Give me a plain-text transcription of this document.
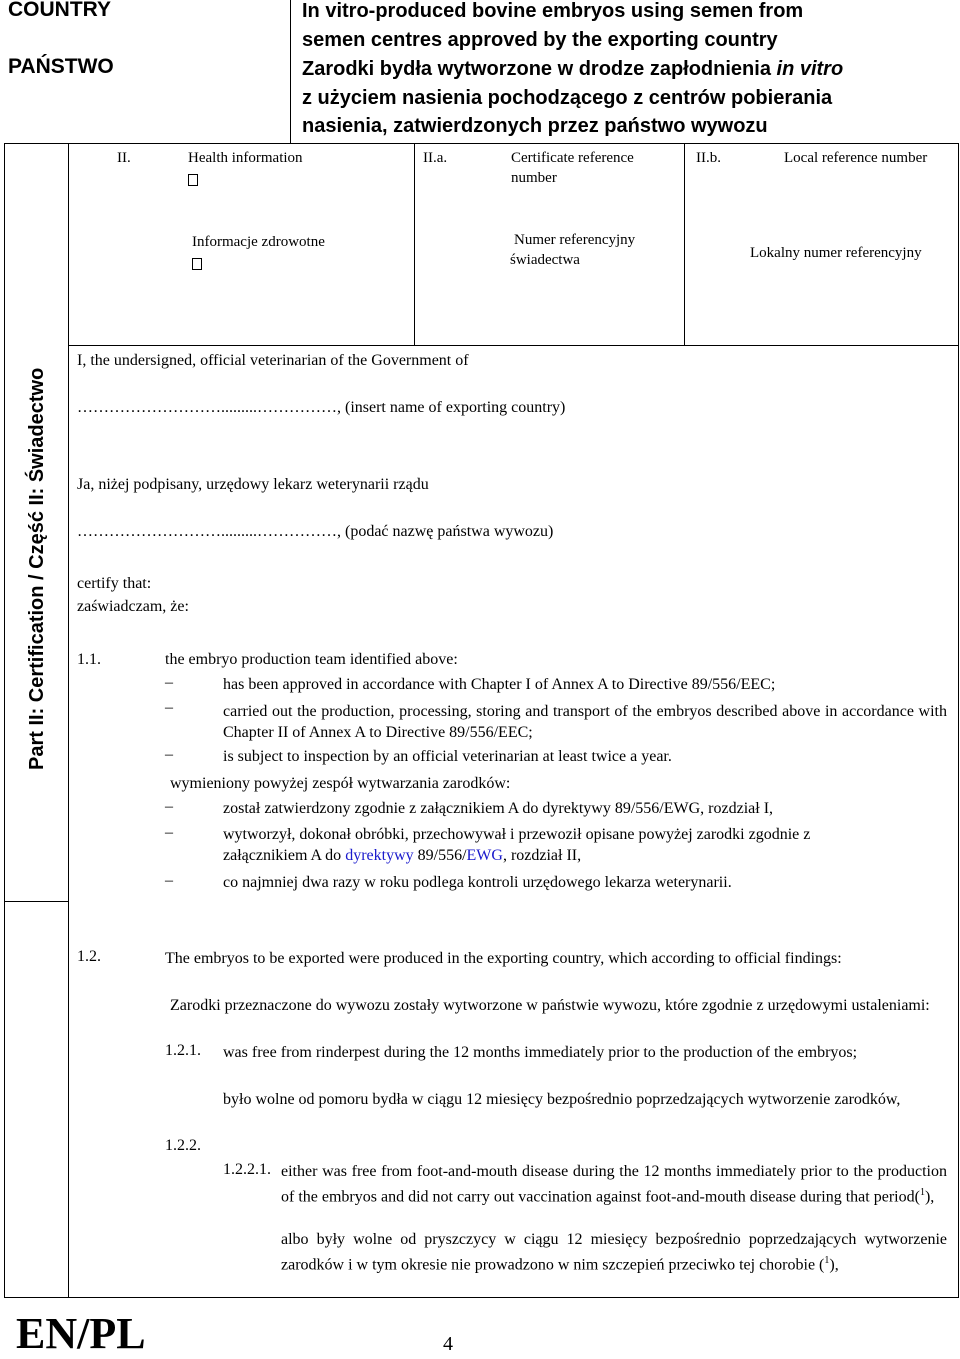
COUNTRY
PAŃSTWO
In vitro-produced bovine embryos using semen from
semen centres approved by the exporting country
Zarodki bydła wytworzone w drodze zapłodnienia in vitro
z użyciem nasienia pochodzącego z centrów pobierania
nasienia, zatwierdzonych przez państwo wywozu
II.	Health information
Informacje zdrowotne
II.a.	Certificate reference
number
Numer referencyjny
świadectwa
II.b.	Local reference number
Lokalny numer referencyjny
Part II: Certification / Część II: Świadectwo
I, the undersigned, official veterinarian of the Government of
……………………….........……………, (insert name of exporting country)
Ja, niżej podpisany, urzędowy lekarz weterynarii rządu
……………………….........……………, (podać nazwę państwa wywozu)
certify that:
zaświadczam, że:
1.1.	the embryo production team identified above:
–	has been approved in accordance with Chapter I of Annex A to Directive 89/556/EEC;
–	carried out the production, processing, storing and transport of the embryos described above in accordance with Chapter II of Annex A to Directive 89/556/EEC;
–	is subject to inspection by an official veterinarian at least twice a year.
wymieniony powyżej zespół wytwarzania zarodków:
–	został zatwierdzony zgodnie z załącznikiem A do dyrektywy 89/556/EWG, rozdział I,
–	wytworzył, dokonał obróbki, przechowywał i przewoził opisane powyżej zarodki zgodnie z
załącznikiem A do dyrektywy 89/556/EWG, rozdział II,
–	co najmniej dwa razy w roku podlega kontroli urzędowego lekarza weterynarii.
1.2.	The embryos to be exported were produced in the exporting country, which according to official findings:
Zarodki przeznaczone do wywozu zostały wytworzone w państwie wywozu, które zgodnie z urzędowymi ustaleniami:
1.2.1. was free from rinderpest during the 12 months immediately prior to the production of the embryos;
było wolne od pomoru bydła w ciągu 12 miesięcy bezpośrednio poprzedzających wytworzenie zarodków,
1.2.2.
1.2.2.1. either was free from foot-and-mouth disease during the 12 months immediately prior to the production of the embryos and did not carry out vaccination against foot-and-mouth disease during that period($^1$),
albo były wolne od pryszczycy w ciągu 12 miesięcy bezpośrednio poprzedzających wytworzenie zarodków i w tym okresie nie prowadzono w nim szczepień przeciwko tej chorobie ($^1$),
EN/PL	4
